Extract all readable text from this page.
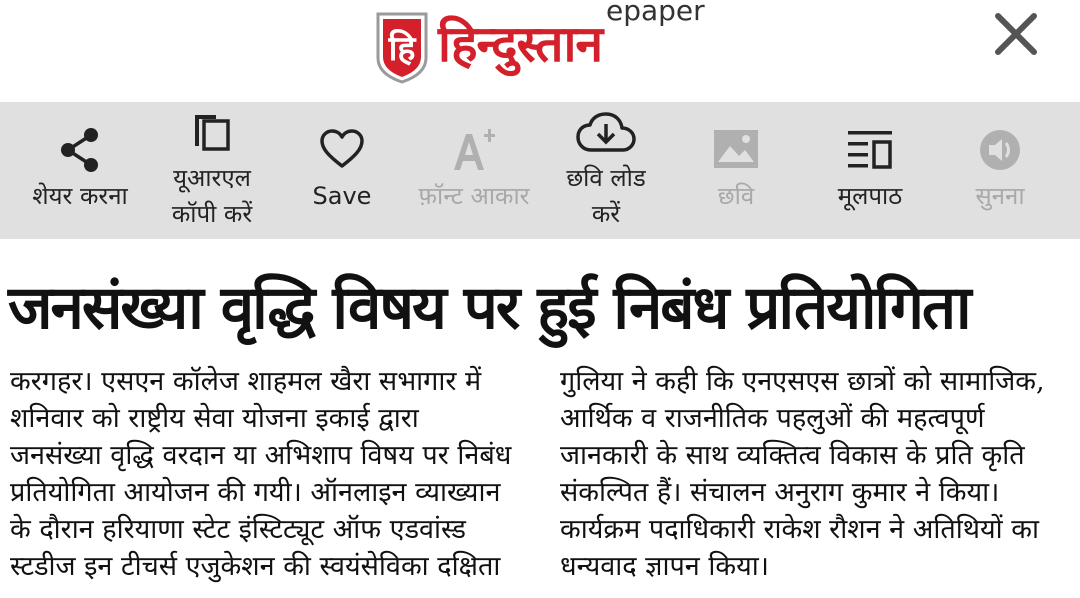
हि
epaper
हिन्दुस्तान
शेयर करना
यूआरएल
कॉपी करें
Save	फ़ॉन्ट आकार
छवि लोड
करें
छवि	मूलपाठ	सुनना
जनसंख्या वृद्धि विषय पर हुई निबंध प्रतियोगिता
करगहर। एसएन कॉलेज शाहमल खैरा सभागार में
शनिवार को राष्ट्रीय सेवा योजना इकाई द्वारा
जनसंख्या वृद्धि वरदान या अभिशाप विषय पर निबंध
प्रतियोगिता आयोजन की गयी। ऑनलाइन व्याख्यान
के दौरान हरियाणा स्टेट इंस्टिट्यूट ऑफ एडवांस्ड
स्टडीज इन टीचर्स एजुकेशन की स्वयंसेविका दक्षिता
गुलिया ने कही कि एनएसएस छात्रों को सामाजिक,
आर्थिक व राजनीतिक पहलुओं की महत्वपूर्ण
जानकारी के साथ व्यक्तित्व विकास के प्रति कृति
संकल्पित हैं। संचालन अनुराग कुमार ने किया।
कार्यक्रम पदाधिकारी राकेश रौशन ने अतिथियों का
धन्यवाद ज्ञापन किया।
